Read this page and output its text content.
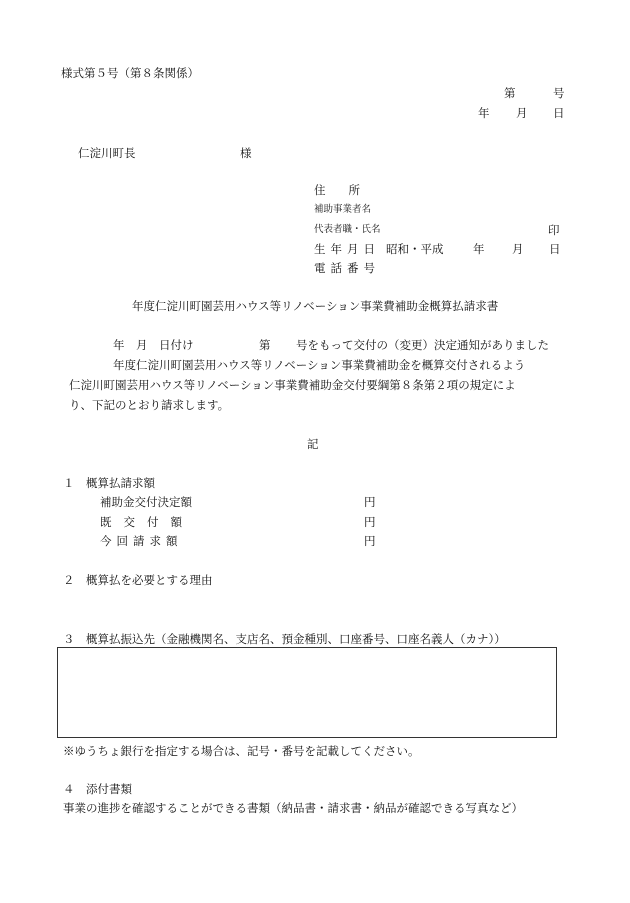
様式第５号（第８条関係）
第	号
年 月 日
仁淀川町長	様
住　　所
補助事業者名
代表者職・氏名	印
生年月日 昭和・平成	年 月 日
電話番号
年度仁淀川町園芸用ハウス等リノベーション事業費補助金概算払請求書
年　月　日付け	第 号をもって交付の（変更）決定通知がありました
年度仁淀川町園芸用ハウス等リノベーション事業費補助金を概算交付されるよう
仁淀川町園芸用ハウス等リノベーション事業費補助金交付要綱第８条第２項の規定によ
り、下記のとおり請求します。
記
１　概算払請求額
補助金交付決定額	円
既交付額	円
今回請求額	円
２　概算払を必要とする理由
３　概算払振込先（金融機関名、支店名、預金種別、口座番号、口座名義人（カナ））
※ゆうちょ銀行を指定する場合は、記号・番号を記載してください。
４　添付書類
事業の進捗を確認することができる書類（納品書・請求書・納品が確認できる写真など）
